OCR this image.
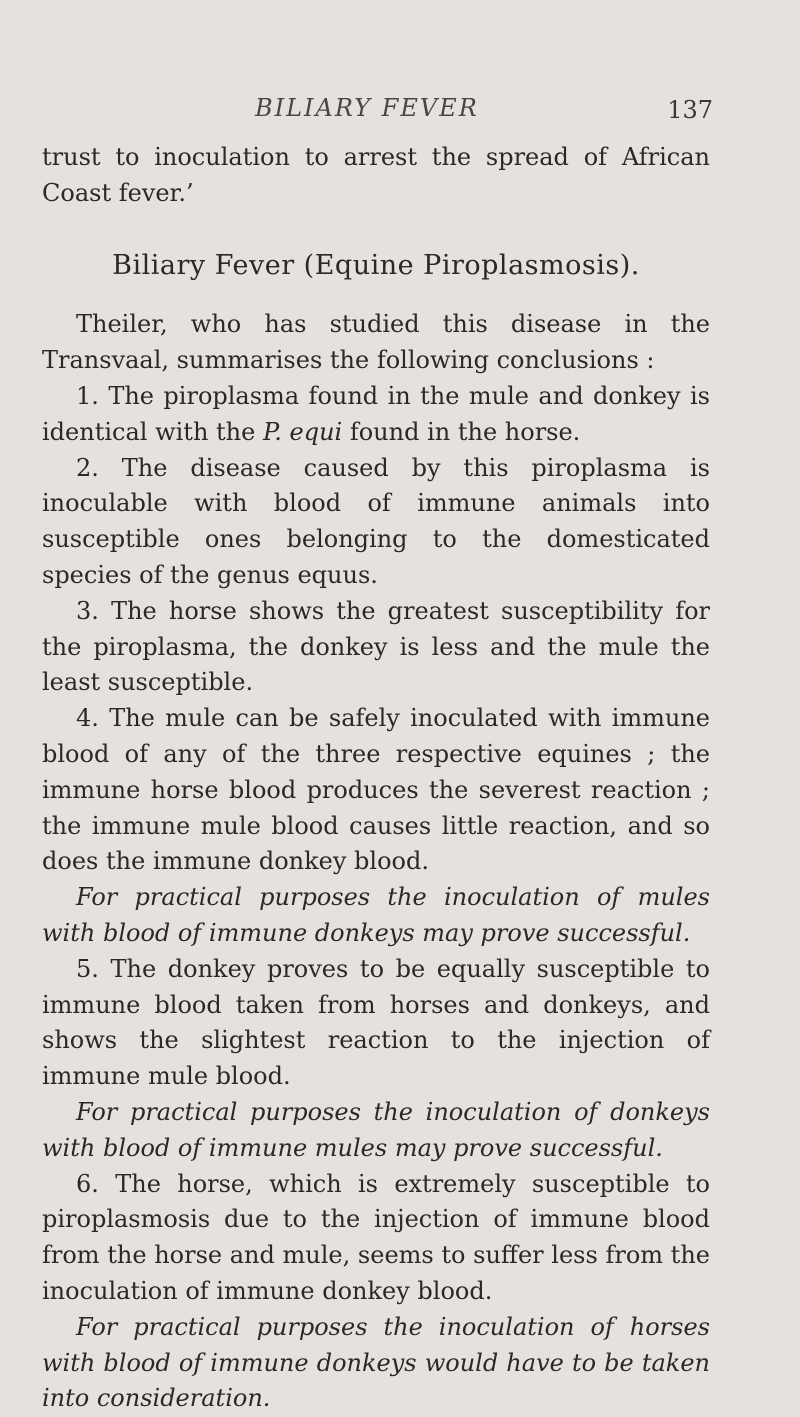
BILIARY FEVER	137

trust to inoculation to arrest the spread of African Coast fever.’

Biliary Fever (Equine Piroplasmosis).

Theiler, who has studied this disease in the Transvaal, summarises the following conclusions :

1. The piroplasma found in the mule and donkey is identical with the P. equi found in the horse.

2. The disease caused by this piroplasma is inoculable with blood of immune animals into susceptible ones belonging to the domesticated species of the genus equus.

3. The horse shows the greatest susceptibility for the piroplasma, the donkey is less and the mule the least susceptible.

4. The mule can be safely inoculated with immune blood of any of the three respective equines ; the immune horse blood produces the severest reaction ; the immune mule blood causes little reaction, and so does the immune donkey blood.

For practical purposes the inoculation of mules with blood of immune donkeys may prove successful.

5. The donkey proves to be equally susceptible to immune blood taken from horses and donkeys, and shows the slightest reaction to the injection of immune mule blood.

For practical purposes the inoculation of donkeys with blood of immune mules may prove successful.

6. The horse, which is extremely susceptible to piroplasmosis due to the injection of immune blood from the horse and mule, seems to suffer less from the inoculation of immune donkey blood.

For practical purposes the inoculation of horses with blood of immune donkeys would have to be taken into consideration.
